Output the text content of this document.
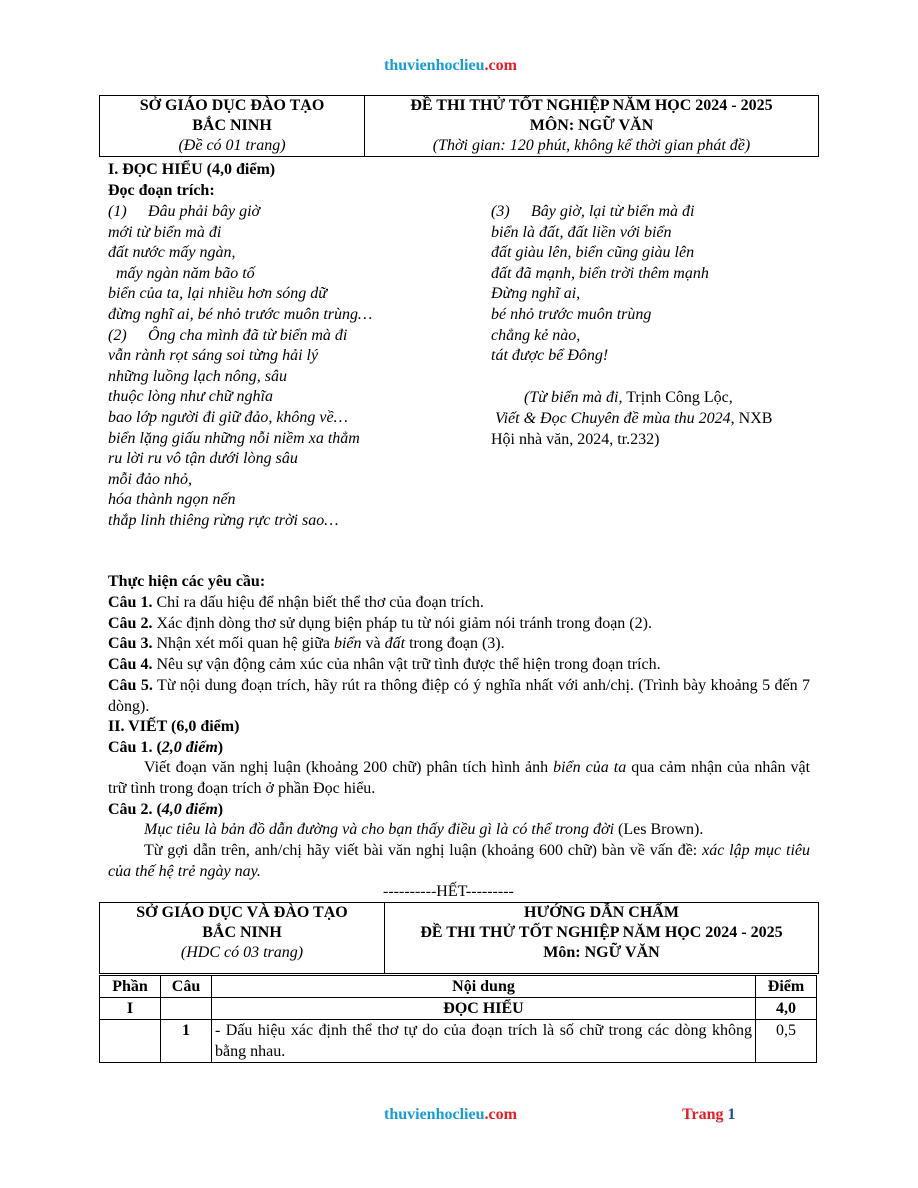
thuvienhoclieu.com
SỞ GIÁO DỤC ĐÀO TẠO
BẮC NINH
(Đề có 01 trang)

ĐỀ THI THỬ TỐT NGHIỆP NĂM HỌC 2024 - 2025
MÔN: NGỮ VĂN
(Thời gian: 120 phút, không kể thời gian phát đề)
I. ĐỌC HIỂU (4,0 điểm)
Đọc đoạn trích:
(1) Đâu phải bây giờ
mới từ biển mà đi
đất nước mấy ngàn,
mấy ngàn năm bão tố
biển của ta, lại nhiều hơn sóng dữ
đừng nghĩ ai, bé nhỏ trước muôn trùng…
(2) Ông cha mình đã từ biển mà đi
vẫn rành rọt sáng soi từng hải lý
những luồng lạch nông, sâu
thuộc lòng như chữ nghĩa
bao lớp người đi giữ đảo, không về…
biển lặng giấu những nỗi niềm xa thẳm
ru lời ru vô tận dưới lòng sâu
mỗi đảo nhỏ,
hóa thành ngọn nến
thắp linh thiêng rừng rực trời sao…
(3) Bây giờ, lại từ biển mà đi
biển là đất, đất liền với biển
đất giàu lên, biển cũng giàu lên
đất đã mạnh, biển trời thêm mạnh
Đừng nghĩ ai,
bé nhỏ trước muôn trùng
chẳng kẻ nào,
tát được bể Đông!
(Từ biển mà đi, Trịnh Công Lộc,
Viết & Đọc Chuyên đề mùa thu 2024, NXB
Hội nhà văn, 2024, tr.232)
Thực hiện các yêu cầu:
Câu 1. Chỉ ra dấu hiệu để nhận biết thể thơ của đoạn trích.
Câu 2. Xác định dòng thơ sử dụng biện pháp tu từ nói giảm nói tránh trong đoạn (2).
Câu 3. Nhận xét mối quan hệ giữa biển và đất trong đoạn (3).
Câu 4. Nêu sự vận động cảm xúc của nhân vật trữ tình được thể hiện trong đoạn trích.
Câu 5. Từ nội dung đoạn trích, hãy rút ra thông điệp có ý nghĩa nhất với anh/chị. (Trình bày khoảng 5 đến 7 dòng).
II. VIẾT (6,0 điểm)
Câu 1. (2,0 điểm)
Viết đoạn văn nghị luận (khoảng 200 chữ) phân tích hình ảnh biển của ta qua cảm nhận của nhân vật trữ tình trong đoạn trích ở phần Đọc hiểu.
Câu 2. (4,0 điểm)
Mục tiêu là bản đồ dẫn đường và cho bạn thấy điều gì là có thể trong đời (Les Brown).
Từ gợi dẫn trên, anh/chị hãy viết bài văn nghị luận (khoảng 600 chữ) bàn về vấn đề: xác lập mục tiêu của thế hệ trẻ ngày nay.
----------HẾT---------
SỞ GIÁO DỤC VÀ ĐÀO TẠO
BẮC NINH
(HDC có 03 trang)

HƯỚNG DẪN CHẤM
ĐỀ THI THỬ TỐT NGHIỆP NĂM HỌC 2024 - 2025
Môn: NGỮ VĂN
Phần	Câu	Nội dung	Điểm
I		ĐỌC HIỂU	4,0
	1	- Dấu hiệu xác định thể thơ tự do của đoạn trích là số chữ trong các dòng không bằng nhau.	0,5
thuvienhoclieu.com	Trang 1
